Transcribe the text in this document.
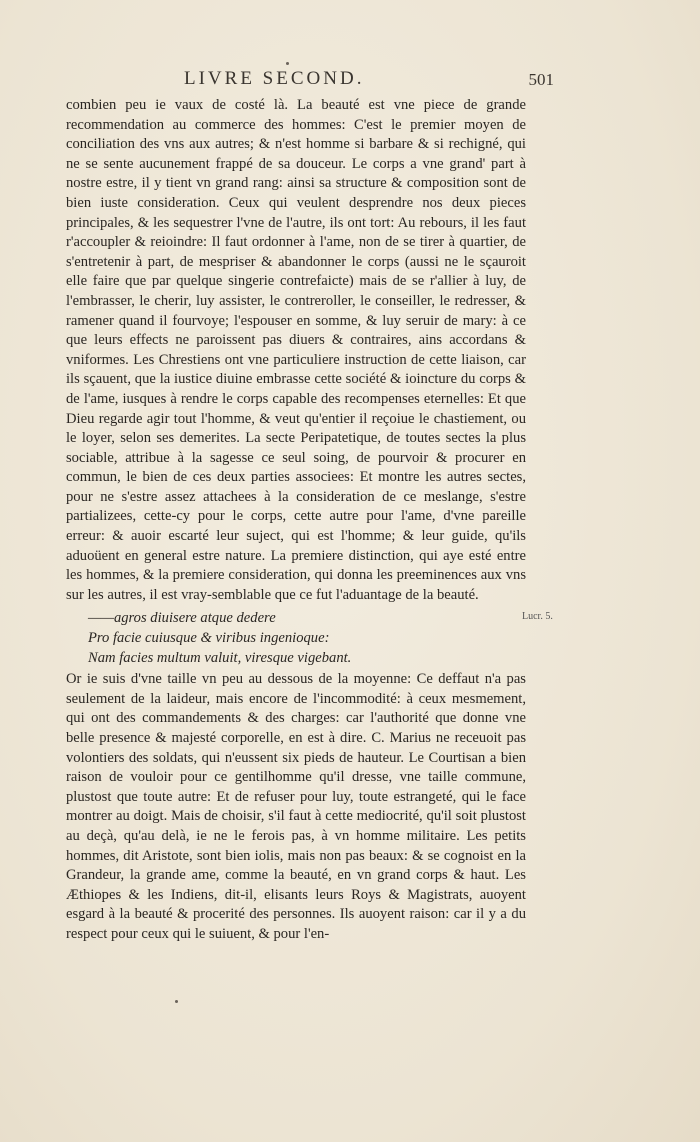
LIVRE SECOND.	501

combien peu ie vaux de costé là. La beauté est vne piece de grande recommendation au commerce des hommes: C'est le premier moyen de conciliation des vns aux autres; & n'est homme si barbare & si rechigné, qui ne se sente aucunement frappé de sa douceur. Le corps a vne grand' part à nostre estre, il y tient vn grand rang: ainsi sa structure & composition sont de bien iuste consideration. Ceux qui veulent desprendre nos deux pieces principales, & les sequestrer l'vne de l'autre, ils ont tort: Au rebours, il les faut r'accoupler & reioindre: Il faut ordonner à l'ame, non de se tirer à quartier, de s'entretenir à part, de mespriser & abandonner le corps (aussi ne le sçauroit elle faire que par quelque singerie contrefaicte) mais de se r'allier à luy, de l'embrasser, le cherir, luy assister, le contreroller, le conseiller, le redresser, & ramener quand il fourvoye; l'espouser en somme, & luy seruir de mary: à ce que leurs effects ne paroissent pas diuers & contraires, ains accordans & vniformes. Les Chrestiens ont vne particuliere instruction de cette liaison, car ils sçauent, que la iustice diuine embrasse cette société & ioincture du corps & de l'ame, iusques à rendre le corps capable des recompenses eternelles: Et que Dieu regarde agir tout l'homme, & veut qu'entier il reçoiue le chastiement, ou le loyer, selon ses demerites. La secte Peripatetique, de toutes sectes la plus sociable, attribue à la sagesse ce seul soing, de pourvoir & procurer en commun, le bien de ces deux parties associees: Et montre les autres sectes, pour ne s'estre assez attachees à la consideration de ce meslange, s'estre partializees, cette-cy pour le corps, cette autre pour l'ame, d'vne pareille erreur: & auoir escarté leur suject, qui est l'homme; & leur guide, qu'ils aduoüent en general estre nature. La premiere distinction, qui aye esté entre les hommes, & la premiere consideration, qui donna les preeminences aux vns sur les autres, il est vray-semblable que ce fut l'aduantage de la beauté.

——agros diuisere atque dedere
Pro facie cuiusque & viribus ingenioque:
Nam facies multum valuit, viresque vigebant.

Or ie suis d'vne taille vn peu au dessous de la moyenne: Ce deffaut n'a pas seulement de la laideur, mais encore de l'incommodité: à ceux mesmement, qui ont des commandements & des charges: car l'authorité que donne vne belle presence & majesté corporelle, en est à dire. C. Marius ne receuoit pas volontiers des soldats, qui n'eussent six pieds de hauteur. Le Courtisan a bien raison de vouloir pour ce gentilhomme qu'il dresse, vne taille commune, plustost que toute autre: Et de refuser pour luy, toute estrangeté, qui le face montrer au doigt. Mais de choisir, s'il faut à cette mediocrité, qu'il soit plustost au deçà, qu'au delà, ie ne le ferois pas, à vn homme militaire. Les petits hommes, dit Aristote, sont bien iolis, mais non pas beaux: & se cognoist en la Grandeur, la grande ame, comme la beauté, en vn grand corps & haut. Les Æthiopes & les Indiens, dit-il, elisants leurs Roys & Magistrats, auoyent esgard à la beauté & procerité des personnes. Ils auoyent raison: car il y a du respect pour ceux qui le suiuent, & pour l'en-

Lucr. 5.
